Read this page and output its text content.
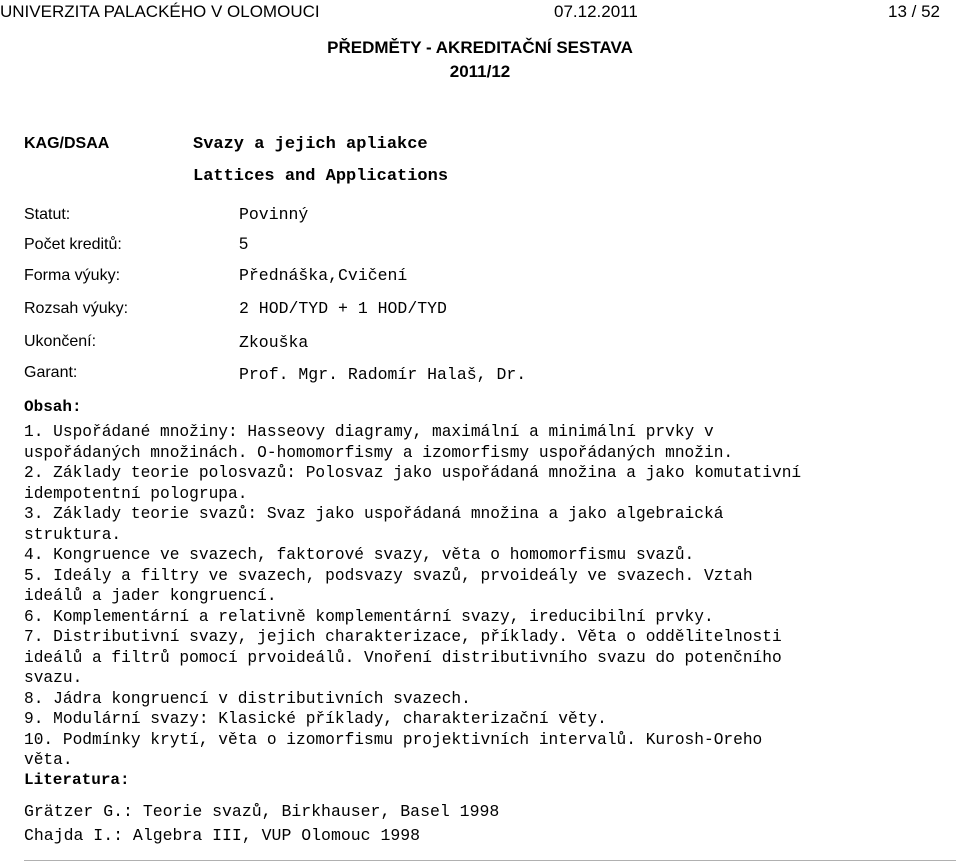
UNIVERZITA PALACKÉHO V OLOMOUCI	07.12.2011	13 / 52
PŘEDMĚTY - AKREDITAČNÍ SESTAVA
2011/12
KAG/DSAA	Svazy a jejich apliakce
Lattices and Applications
Statut:	Povinný
Počet kreditů:	5
Forma výuky:	Přednáška,Cvičení
Rozsah výuky:	2 HOD/TYD + 1 HOD/TYD
Ukončení:	Zkouška
Garant:	Prof. Mgr. Radomír Halaš, Dr.
Obsah:
1. Uspořádané množiny: Hasseovy diagramy, maximální a minimální prvky v
uspořádaných množinách. O-homomorfismy a izomorfismy uspořádaných množin.
2. Základy teorie polosvazů: Polosvaz jako uspořádaná množina a jako komutativní
idempotentní pologrupa.
3. Základy teorie svazů: Svaz jako uspořádaná množina a jako algebraická
struktura.
4. Kongruence ve svazech, faktorové svazy, věta o homomorfismu svazů.
5. Ideály a filtry ve svazech, podsvazy svazů, prvoideály ve svazech. Vztah
ideálů a jader kongruencí.
6. Komplementární a relativně komplementární svazy, ireducibilní prvky.
7. Distributivní svazy, jejich charakterizace, příklady. Věta o oddělitelnosti
ideálů a filtrů pomocí prvoideálů. Vnoření distributivního svazu do potenčního
svazu.
8. Jádra kongruencí v distributivních svazech.
9. Modulární svazy: Klasické příklady, charakterizační věty.
10. Podmínky krytí, věta o izomorfismu projektivních intervalů. Kurosh-Oreho
věta.
Literatura:
Grätzer G.: Teorie svazů, Birkhauser, Basel 1998
Chajda I.: Algebra III, VUP Olomouc 1998
